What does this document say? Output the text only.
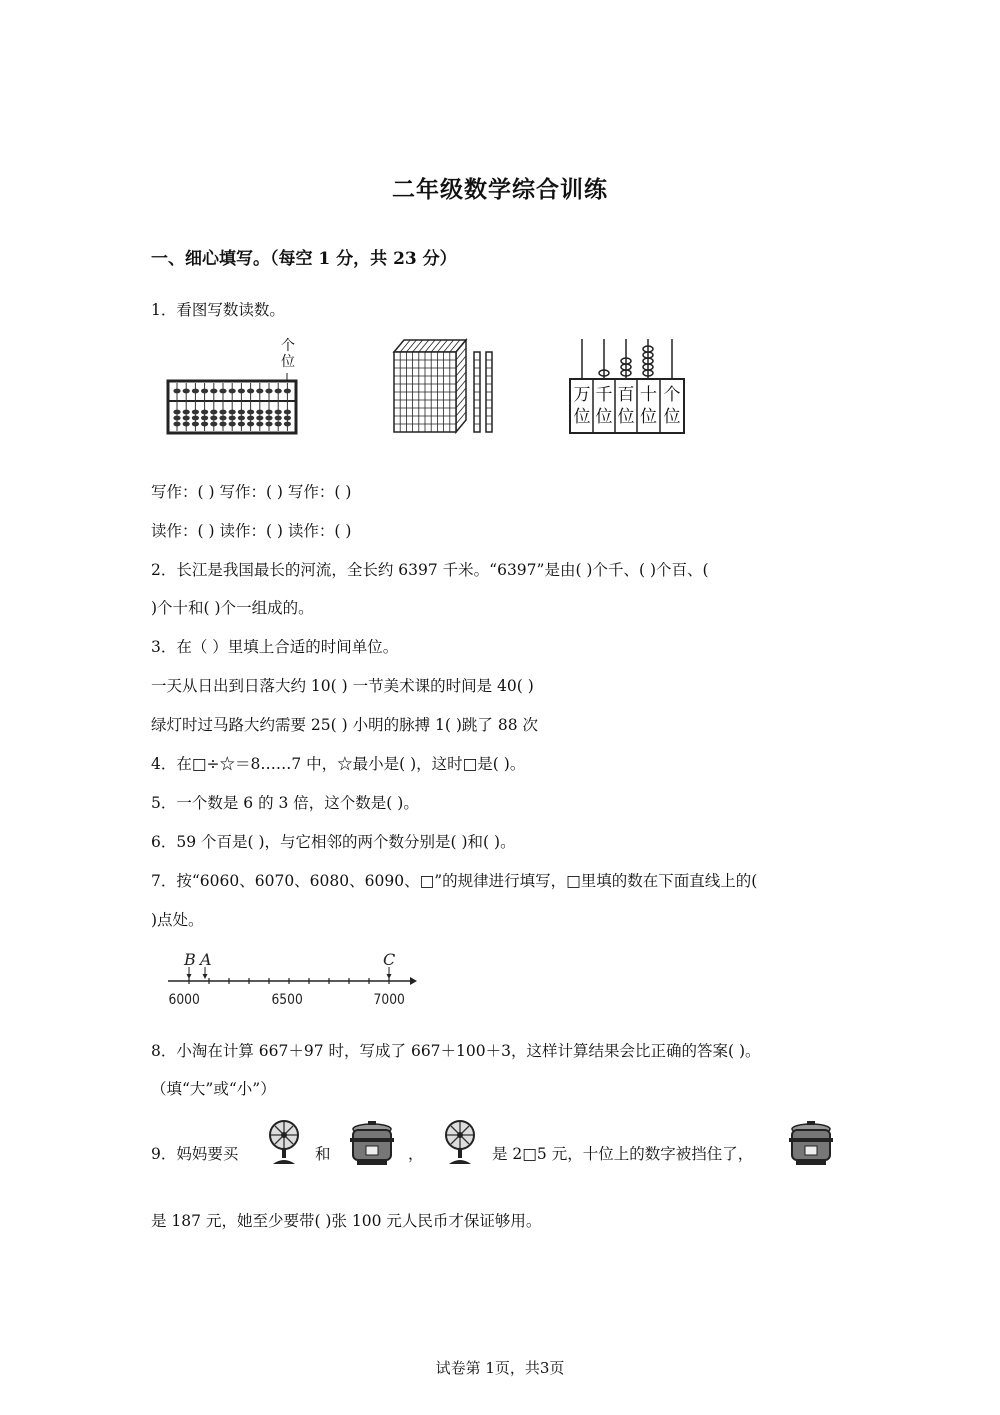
二年级数学综合训练
一、细心填写。（每空 1 分，共 23 分）
1．看图写数读数。
个
位
万
位
千
位
百
位
十
位
个
位
写作：( ) 写作：( ) 写作：( )
读作：( ) 读作：( ) 读作：( )
2．长江是我国最长的河流，全长约 6397 千米。“6397”是由( )个千、( )个百、(
)个十和( )个一组成的。
3．在（ ）里填上合适的时间单位。
一天从日出到日落大约 10( ) 一节美术课的时间是 40( )
绿灯时过马路大约需要 25( ) 小明的脉搏 1( )跳了 88 次
4．在□÷☆＝8……7 中，☆最小是( )，这时□是( )。
5．一个数是 6 的 3 倍，这个数是( )。
6．59 个百是( )，与它相邻的两个数分别是( )和( )。
7．按“6060、6070、6080、6090、□”的规律进行填写，□里填的数在下面直线上的(
)点处。
B A	C
6000	6500	7000
8．小淘在计算 667＋97 时，写成了 667＋100＋3，这样计算结果会比正确的答案( )。
（填“大”或“小”）
9．妈妈要买	和	，	是 2□5 元，十位上的数字被挡住了，
是 187 元，她至少要带( )张 100 元人民币才保证够用。
试卷第 1页，共3页
